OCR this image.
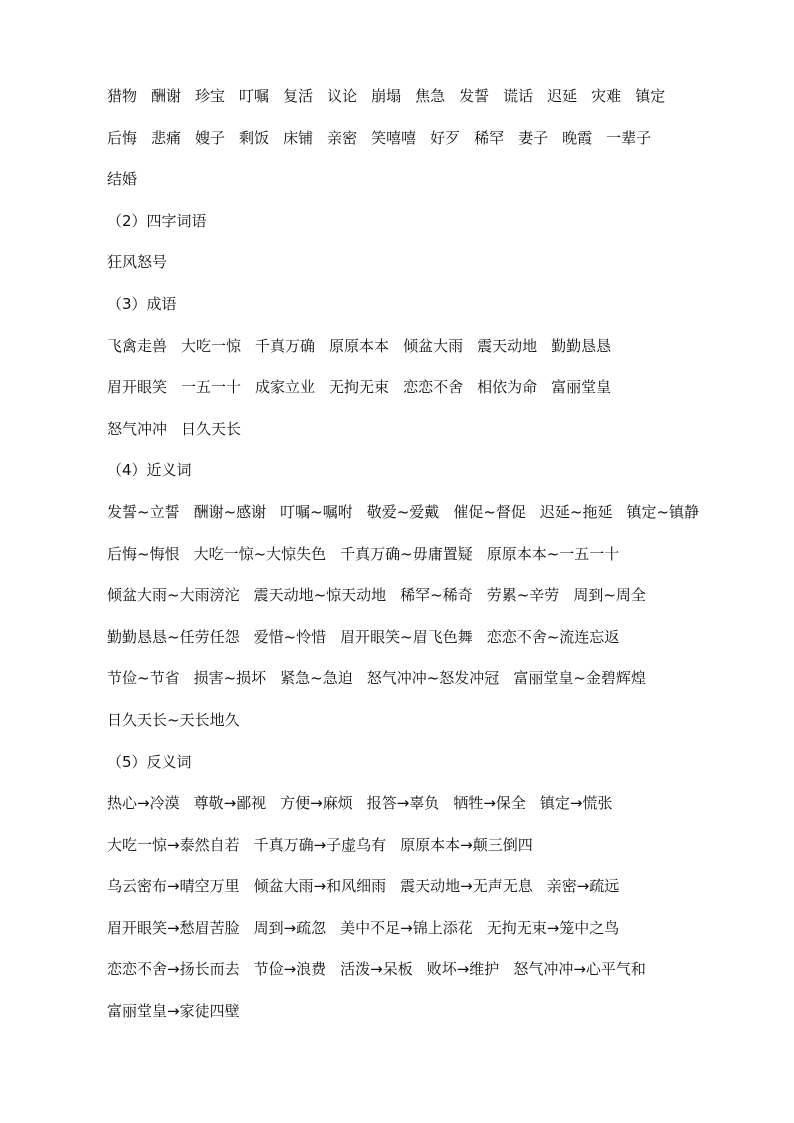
猎物 酬谢 珍宝 叮嘱 复活 议论 崩塌 焦急 发誓 谎话 迟延 灾难 镇定
后悔 悲痛 嫂子 剩饭 床铺 亲密 笑嘻嘻 好歹 稀罕 妻子 晚霞 一辈子
结婚
（2）四字词语
狂风怒号
（3）成语
飞禽走兽 大吃一惊 千真万确 原原本本 倾盆大雨 震天动地 勤勤恳恳
眉开眼笑 一五一十 成家立业 无拘无束 恋恋不舍 相依为命 富丽堂皇
怒气冲冲 日久天长
（4）近义词
发誓~立誓 酬谢~感谢 叮嘱~嘱咐 敬爱~爱戴 催促~督促 迟延~拖延 镇定~镇静
后悔~悔恨 大吃一惊~大惊失色 千真万确~毋庸置疑 原原本本~一五一十
倾盆大雨~大雨滂沱 震天动地~惊天动地 稀罕~稀奇 劳累~辛劳 周到~周全
勤勤恳恳~任劳任怨 爱惜~怜惜 眉开眼笑~眉飞色舞 恋恋不舍~流连忘返
节俭~节省 损害~损坏 紧急~急迫 怒气冲冲~怒发冲冠 富丽堂皇~金碧辉煌
日久天长~天长地久
（5）反义词
热心→冷漠 尊敬→鄙视 方便→麻烦 报答→辜负 牺牲→保全 镇定→慌张
大吃一惊→泰然自若 千真万确→子虚乌有 原原本本→颠三倒四
乌云密布→晴空万里 倾盆大雨→和风细雨 震天动地→无声无息 亲密→疏远
眉开眼笑→愁眉苦脸 周到→疏忽 美中不足→锦上添花 无拘无束→笼中之鸟
恋恋不舍→扬长而去 节俭→浪费 活泼→呆板 败坏→维护 怒气冲冲→心平气和
富丽堂皇→家徒四壁
